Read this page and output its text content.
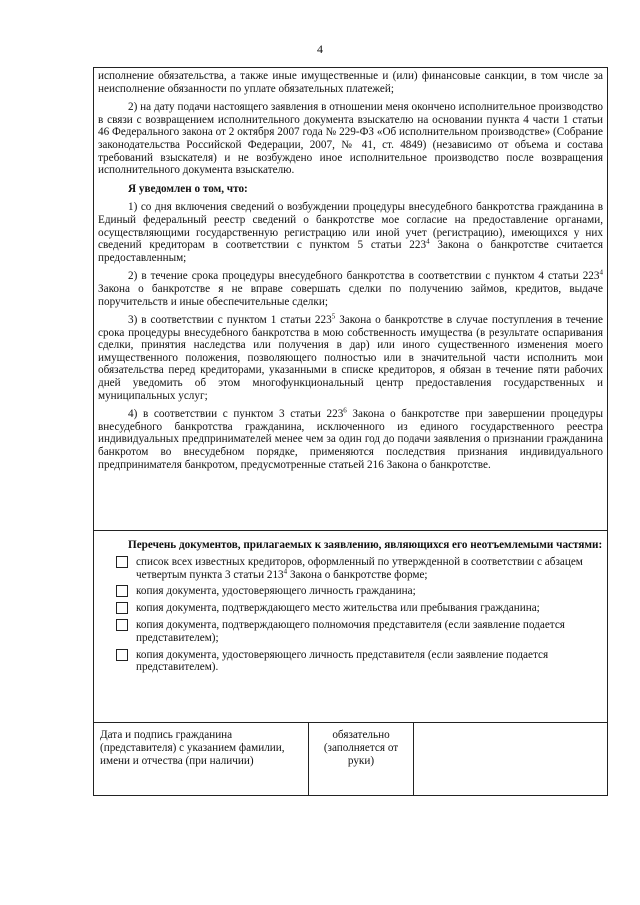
4

исполнение обязательства, а также иные имущественные и (или) финансовые санкции, в том числе за неисполнение обязанности по уплате обязательных платежей;

2) на дату подачи настоящего заявления в отношении меня окончено исполнительное производство в связи с возвращением исполнительного документа взыскателю на основании пункта 4 части 1 статьи 46 Федерального закона от 2 октября 2007 года № 229-ФЗ «Об исполнительном производстве» (Собрание законодательства Российской Федерации, 2007, № 41, ст. 4849) (независимо от объема и состава требований взыскателя) и не возбуждено иное исполнительное производство после возвращения исполнительного документа взыскателю.

Я уведомлен о том, что:

1) со дня включения сведений о возбуждении процедуры внесудебного банкротства гражданина в Единый федеральный реестр сведений о банкротстве мое согласие на предоставление органами, осуществляющими государственную регистрацию или иной учет (регистрацию), имеющихся у них сведений кредиторам в соответствии с пунктом 5 статьи $223^4$ Закона о банкротстве считается предоставленным;

2) в течение срока процедуры внесудебного банкротства в соответствии с пунктом 4 статьи $223^4$ Закона о банкротстве я не вправе совершать сделки по получению займов, кредитов, выдаче поручительств и иные обеспечительные сделки;

3) в соответствии с пунктом 1 статьи $223^5$ Закона о банкротстве в случае поступления в течение срока процедуры внесудебного банкротства в мою собственность имущества (в результате оспаривания сделки, принятия наследства или получения в дар) или иного существенного изменения моего имущественного положения, позволяющего полностью или в значительной части исполнить мои обязательства перед кредиторами, указанными в списке кредиторов, я обязан в течение пяти рабочих дней уведомить об этом многофункциональный центр предоставления государственных и муниципальных услуг;

4) в соответствии с пунктом 3 статьи $223^6$ Закона о банкротстве при завершении процедуры внесудебного банкротства гражданина, исключенного из единого государственного реестра индивидуальных предпринимателей менее чем за один год до подачи заявления о признании гражданина банкротом во внесудебном порядке, применяются последствия признания индивидуального предпринимателя банкротом, предусмотренные статьей 216 Закона о банкротстве.

Перечень документов, прилагаемых к заявлению, являющихся его неотъемлемыми частями:

список всех известных кредиторов, оформленный по утвержденной в соответствии с абзацем четвертым пункта 3 статьи $213^4$ Закона о банкротстве форме;
копия документа, удостоверяющего личность гражданина;
копия документа, подтверждающего место жительства или пребывания гражданина;
копия документа, подтверждающего полномочия представителя (если заявление подается представителем);
копия документа, удостоверяющего личность представителя (если заявление подается представителем).
Дата и подпись гражданина (представителя) с указанием фамилии, имени и отчества (при наличии)
обязательно (заполняется от руки)
